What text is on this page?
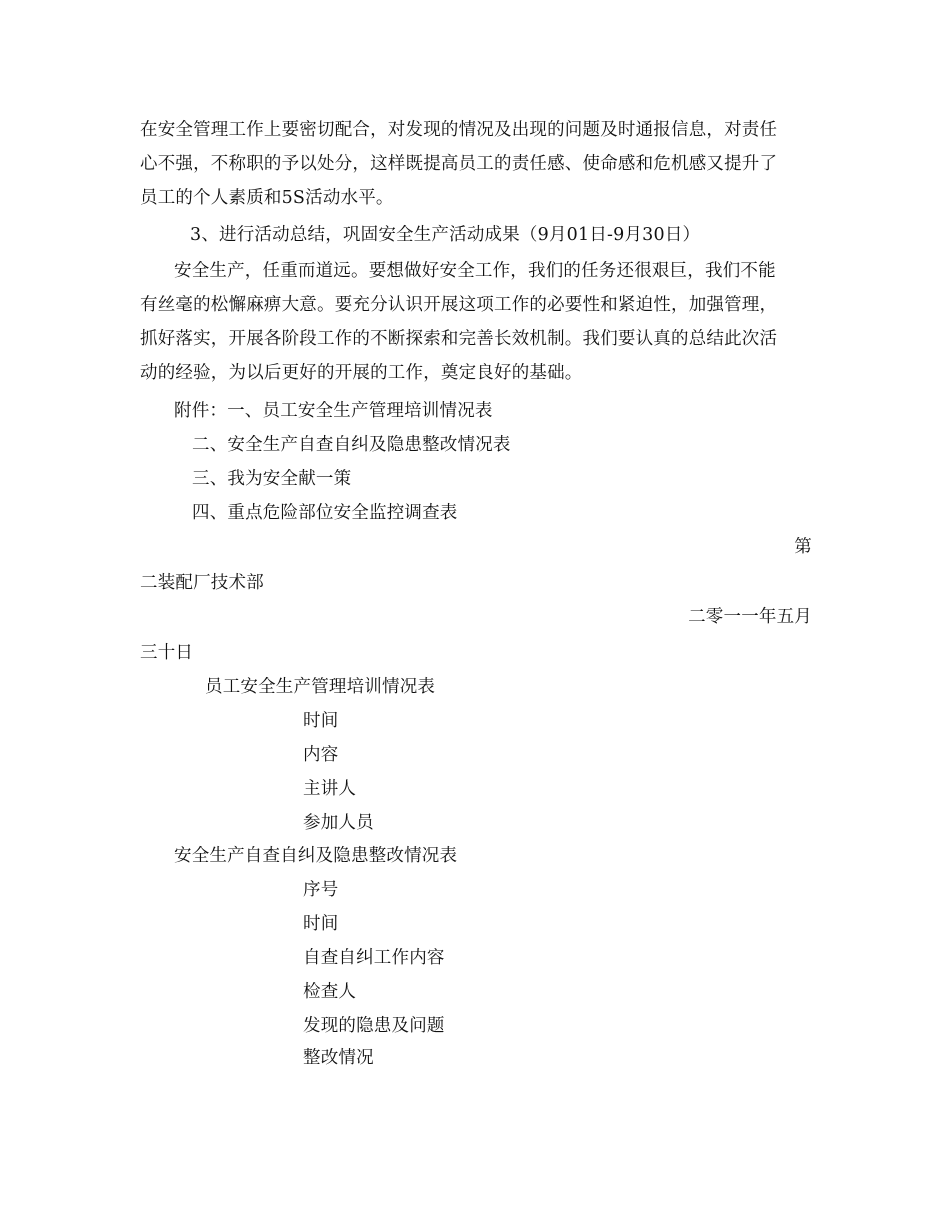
在安全管理工作上要密切配合，对发现的情况及出现的问题及时通报信息，对责任
心不强，不称职的予以处分，这样既提高员工的责任感、使命感和危机感又提升了
员工的个人素质和5S活动水平。
3、进行活动总结，巩固安全生产活动成果（9月01日-9月30日）
安全生产，任重而道远。要想做好安全工作，我们的任务还很艰巨，我们不能
有丝毫的松懈麻痹大意。要充分认识开展这项工作的必要性和紧迫性，加强管理，
抓好落实，开展各阶段工作的不断探索和完善长效机制。我们要认真的总结此次活
动的经验，为以后更好的开展的工作，奠定良好的基础。
附件：一、员工安全生产管理培训情况表
二、安全生产自查自纠及隐患整改情况表
三、我为安全献一策
四、重点危险部位安全监控调查表
第
二装配厂技术部
二零一一年五月
三十日
员工安全生产管理培训情况表
时间
内容
主讲人
参加人员
安全生产自查自纠及隐患整改情况表
序号
时间
自查自纠工作内容
检查人
发现的隐患及问题
整改情况
